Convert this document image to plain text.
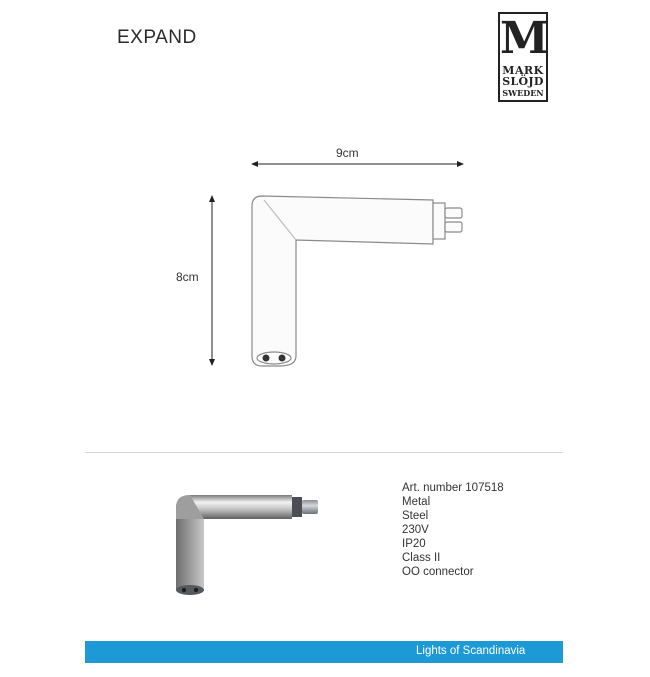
EXPAND	M
MARK
SLÖJD
SWEDEN
9cm
8cm
Art. number 107518
Metal
Steel
230V
IP20
Class II
OO connector
Lights of Scandinavia
